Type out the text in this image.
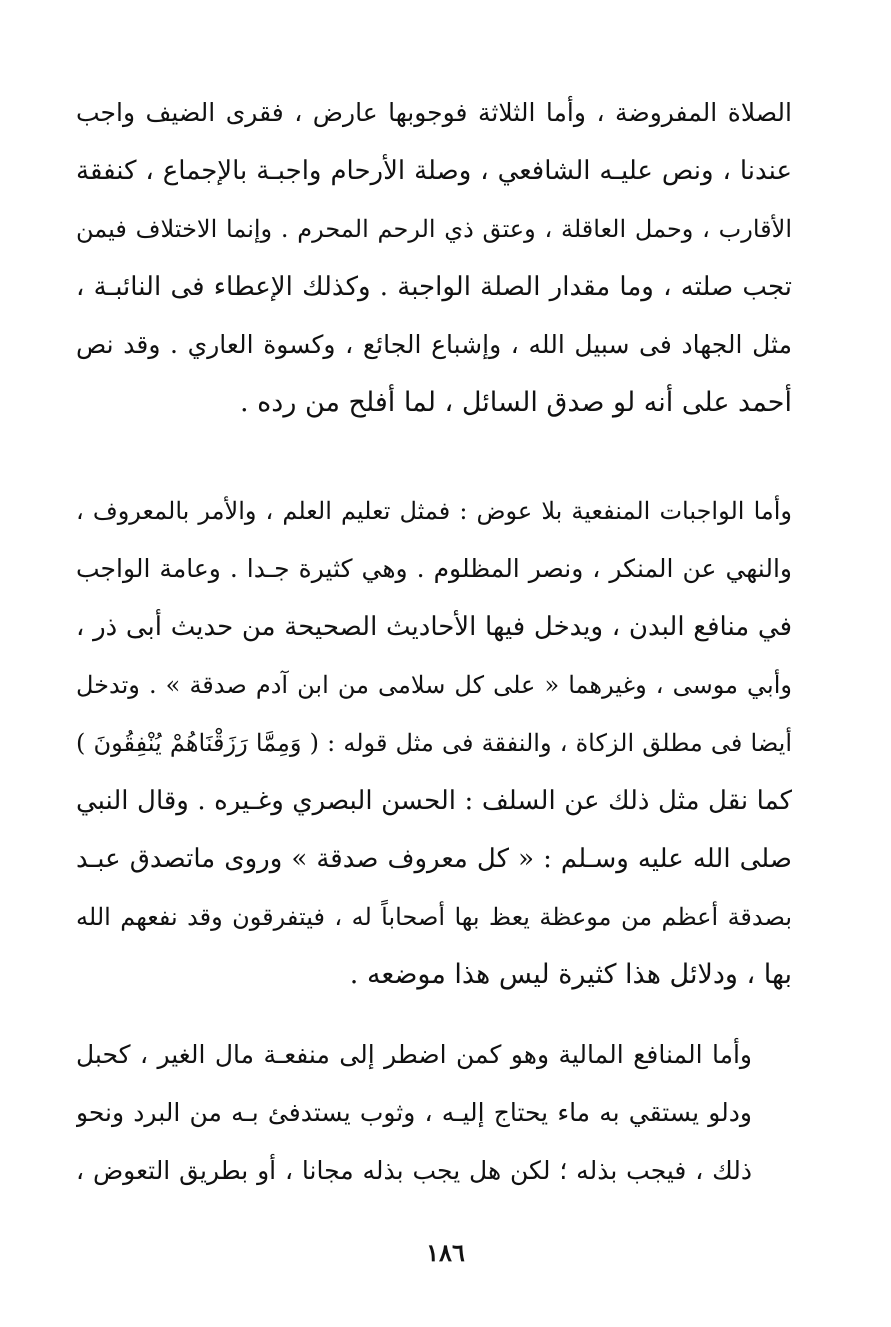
الصلاة المفروضة ، وأما الثلاثة فوجوبها عارض ، فقرى الضيف واجب
عندنا ، ونص عليـه الشافعي ، وصلة الأرحام واجبـة بالإجماع ، كنفقة
الأقارب ، وحمل العاقلة ، وعتق ذي الرحم المحرم . وإنما الاختلاف فيمن
تجب صلته ، وما مقدار الصلة الواجبة . وكذلك الإعطاء فى النائبـة ،
مثل الجهاد فى سبيل الله ، وإشباع الجائع ، وكسوة العاري . وقد نص
أحمد على أنه لو صدق السائل ، لما أفلح من رده .
وأما الواجبات المنفعية بلا عوض : فمثل تعليم العلم ، والأمر بالمعروف ،
والنهي عن المنكر ، ونصر المظلوم . وهي كثيرة جـدا . وعامة الواجب
في منافع البدن ، ويدخل فيها الأحاديث الصحيحة من حديث أبى ذر ،
وأبي موسى ، وغيرهما « على كل سلامى من ابن آدم صدقة » . وتدخل
أيضا فى مطلق الزكاة ، والنفقة فى مثل قوله : ( وَمِمَّا رَزَقْنَاهُمْ يُنْفِقُونَ )
كما نقل مثل ذلك عن السلف : الحسن البصري وغـيره . وقال النبي
صلى الله عليه وسـلم : « كل معروف صدقة » وروى ماتصدق عبـد
بصدقة أعظم من موعظة يعظ بها أصحاباً له ، فيتفرقون وقد نفعهم الله
بها ، ودلائل هذا كثيرة ليس هذا موضعه .
وأما المنافع المالية وهو كمن اضطر إلى منفعـة مال الغير ، كحبل
ودلو يستقي به ماء يحتاج إليـه ، وثوب يستدفئ بـه من البرد ونحو
ذلك ، فيجب بذله ؛ لكن هل يجب بذله مجانا ، أو بطريق التعوض ،
١٨٦
